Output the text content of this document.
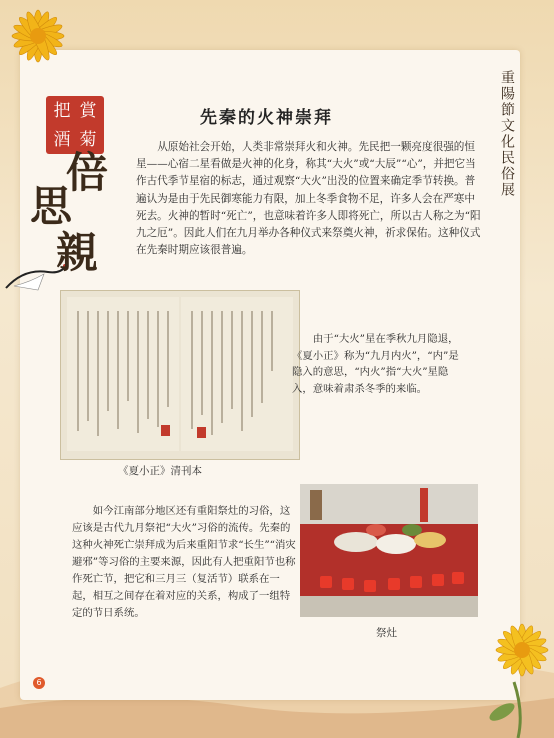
重陽節文化民俗展
把 賞
酒 菊
倍
思
親
先秦的火神崇拜
从原始社会开始，人类非常崇拜火和火神。先民把一颗亮度很强的恒星——心宿二星看做是火神的化身，称其“大火”或“大辰”“心”，并把它当作古代季节星宿的标志，通过观察“大火”出没的位置来确定季节转换。普遍认为是由于先民御寒能力有限，加上冬季食物不足，许多人会在严寒中死去。火神的暂时“死亡”，也意味着许多人即将死亡，所以古人称之为“阳九之厄”。因此人们在九月举办各种仪式来祭奠火神，祈求保佑。这种仪式在先秦时期应该很普遍。
《夏小正》清刊本
由于“大火”星在季秋九月隐退，《夏小正》称为“九月内火”，“内”是隐入的意思，“内火”指“大火”星隐入，意味着肃杀冬季的来临。
如今江南部分地区还有重阳祭灶的习俗，这应该是古代九月祭祀“大火”习俗的流传。先秦的这种火神死亡崇拜成为后来重阳节求“长生”“消灾避邪”等习俗的主要来源，因此有人把重阳节也称作死亡节，把它和三月三（复活节）联系在一起，相互之间存在着对应的关系，构成了一组特定的节日系统。
祭灶
6
